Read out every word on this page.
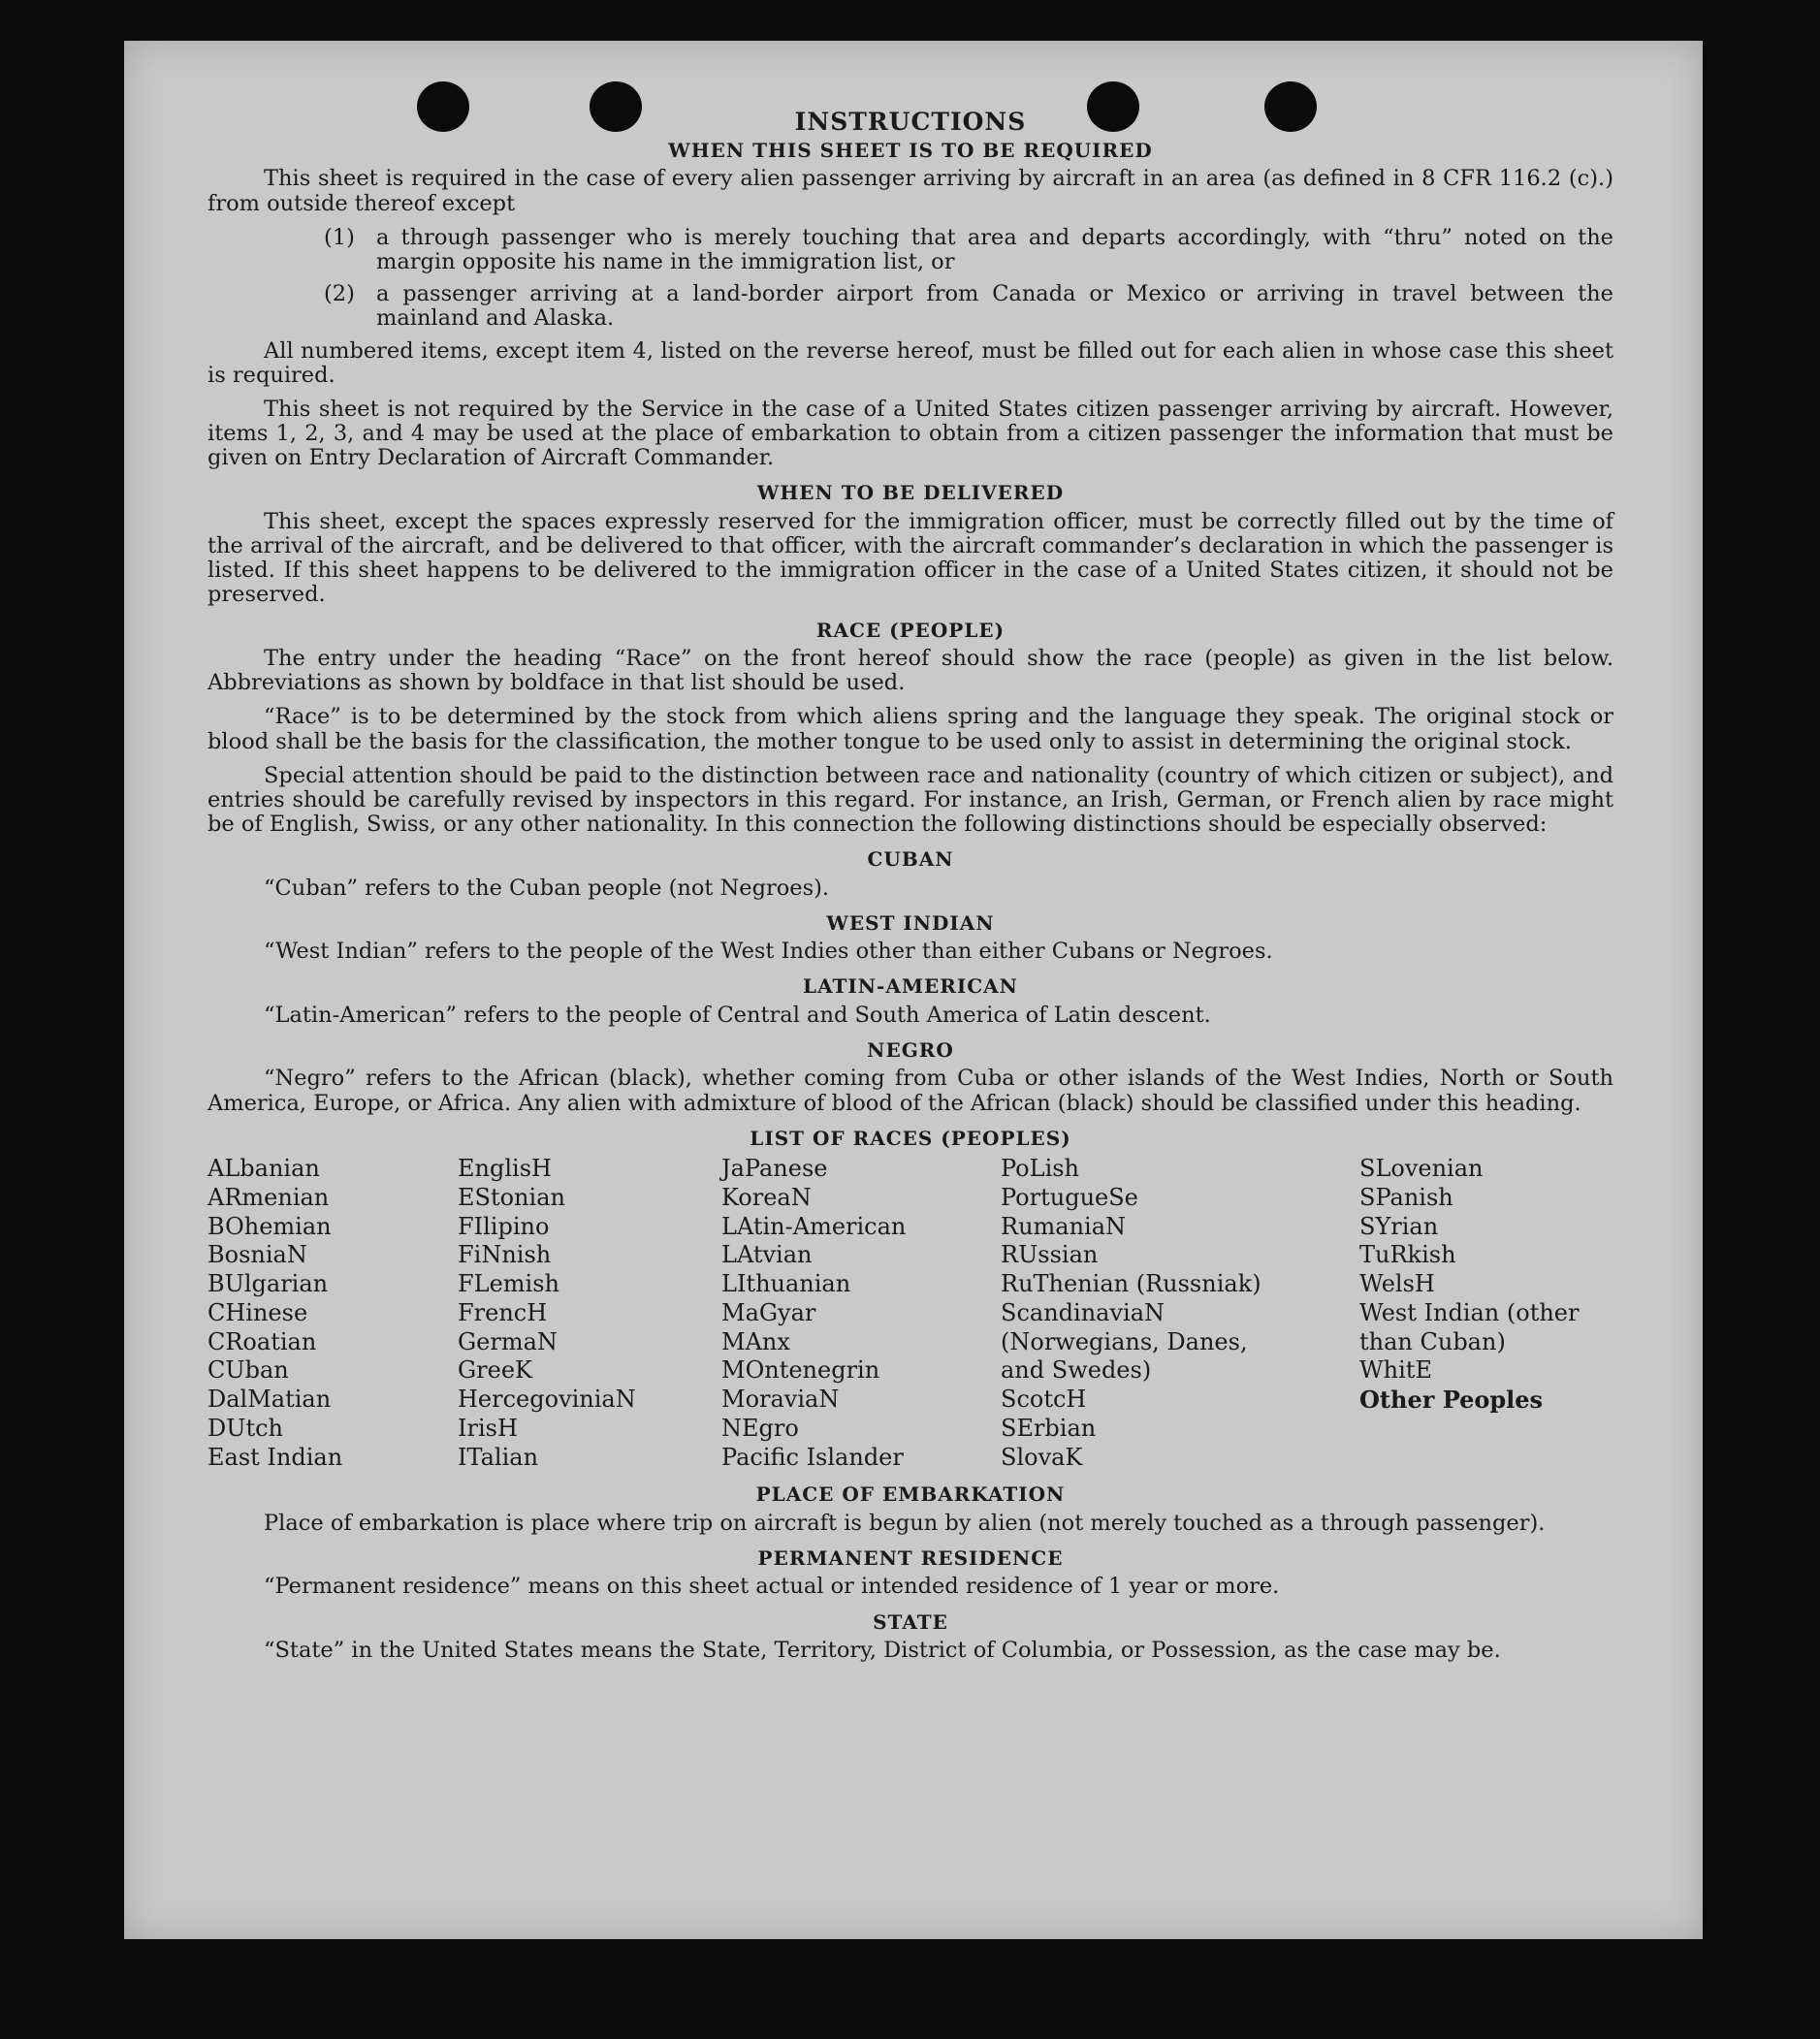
INSTRUCTIONS
WHEN THIS SHEET IS TO BE REQUIRED

This sheet is required in the case of every alien passenger arriving by aircraft in an area (as defined in 8 CFR 116.2 (c).) from outside thereof except

(1) a through passenger who is merely touching that area and departs accordingly, with “thru” noted on the margin opposite his name in the immigration list, or
(2) a passenger arriving at a land-border airport from Canada or Mexico or arriving in travel between the mainland and Alaska.

All numbered items, except item 4, listed on the reverse hereof, must be filled out for each alien in whose case this sheet is required.

This sheet is not required by the Service in the case of a United States citizen passenger arriving by aircraft. However, items 1, 2, 3, and 4 may be used at the place of embarkation to obtain from a citizen passenger the information that must be given on Entry Declaration of Aircraft Commander.

WHEN TO BE DELIVERED

This sheet, except the spaces expressly reserved for the immigration officer, must be correctly filled out by the time of the arrival of the aircraft, and be delivered to that officer, with the aircraft commander’s declaration in which the passenger is listed. If this sheet happens to be delivered to the immigration officer in the case of a United States citizen, it should not be preserved.

RACE (PEOPLE)

The entry under the heading “Race” on the front hereof should show the race (people) as given in the list below. Abbreviations as shown by boldface in that list should be used.

“Race” is to be determined by the stock from which aliens spring and the language they speak. The original stock or blood shall be the basis for the classification, the mother tongue to be used only to assist in determining the original stock.

Special attention should be paid to the distinction between race and nationality (country of which citizen or subject), and entries should be carefully revised by inspectors in this regard. For instance, an Irish, German, or French alien by race might be of English, Swiss, or any other nationality. In this connection the following distinctions should be especially observed:

CUBAN

“Cuban” refers to the Cuban people (not Negroes).

WEST INDIAN

“West Indian” refers to the people of the West Indies other than either Cubans or Negroes.

LATIN-AMERICAN

“Latin-American” refers to the people of Central and South America of Latin descent.

NEGRO

“Negro” refers to the African (black), whether coming from Cuba or other islands of the West Indies, North or South America, Europe, or Africa. Any alien with admixture of blood of the African (black) should be classified under this heading.

LIST OF RACES (PEOPLES)
ALbanian
ARmenian
BOhemian
BosniaN
BUlgarian
CHinese
CRoatian
CUban
DalMatian
DUtch
East Indian
EnglisH
EStonian
FIlipino
FiNnish
FLemish
FrencH
GermaN
GreeK
HercegoviniaN
IrisH
ITalian
JaPanese
KoreaN
LAtin-American
LAtvian
LIthuanian
MaGyar
MAnx
MOntenegrin
MoraviaN
NEgro
Pacific Islander
PoLish
PortugueSe
RumaniaN
RUssian
RuThenian (Russniak)
ScandinaviaN (Norwegians, Danes, and Swedes)
ScotcH
SErbian
SlovaK
SLovenian
SPanish
SYrian
TuRkish
WelsH
West Indian (other than Cuban)
WhitE
Other Peoples
PLACE OF EMBARKATION

Place of embarkation is place where trip on aircraft is begun by alien (not merely touched as a through passenger).

PERMANENT RESIDENCE

“Permanent residence” means on this sheet actual or intended residence of 1 year or more.

STATE

“State” in the United States means the State, Territory, District of Columbia, or Possession, as the case may be.
